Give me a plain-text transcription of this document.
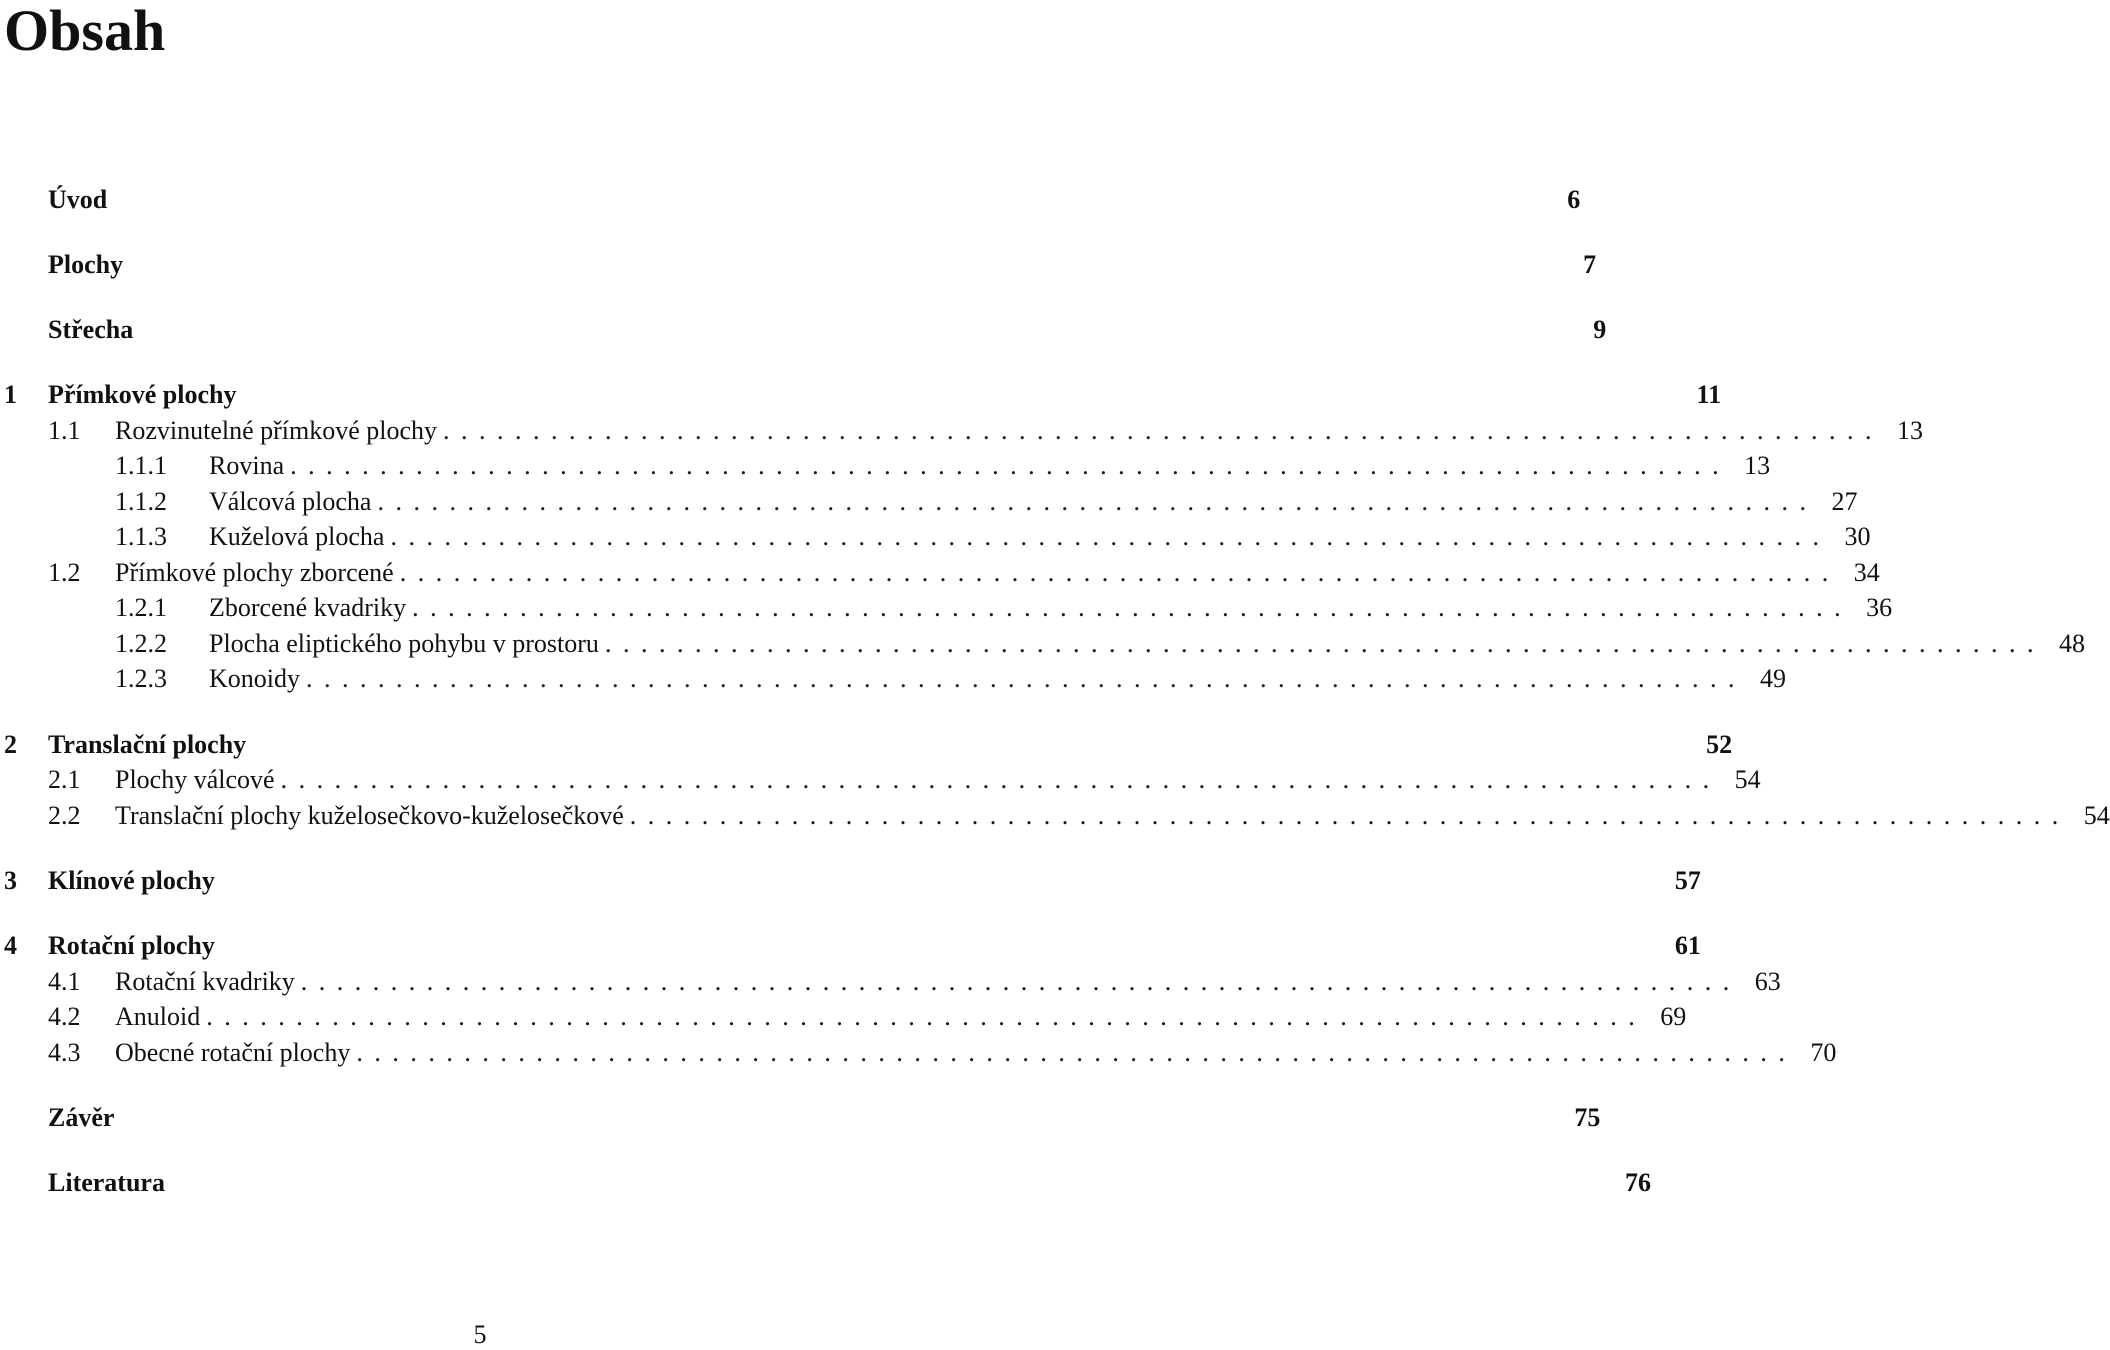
Obsah
Úvod	6
Plochy	7
Střecha	9
1	Přímkové plochy	11
1.1	Rozvinutelné přímkové plochy ................................................................................ 13
1.1.1	Rovina ................................................................................ 13
1.1.2	Válcová plocha ................................................................................ 27
1.1.3	Kuželová plocha ................................................................................ 30
1.2	Přímkové plochy zborcené ................................................................................ 34
1.2.1	Zborcené kvadriky ................................................................................ 36
1.2.2	Plocha eliptického pohybu v prostoru ................................................................................ 48
1.2.3	Konoidy ................................................................................ 49
2	Translační plochy	52
2.1	Plochy válcové ................................................................................ 54
2.2	Translační plochy kuželosečkovo-kuželosečkové ................................................................................ 54
3	Klínové plochy	57
4	Rotační plochy	61
4.1	Rotační kvadriky ................................................................................ 63
4.2	Anuloid ................................................................................ 69
4.3	Obecné rotační plochy ................................................................................ 70
Závěr	75
Literatura	76
5
